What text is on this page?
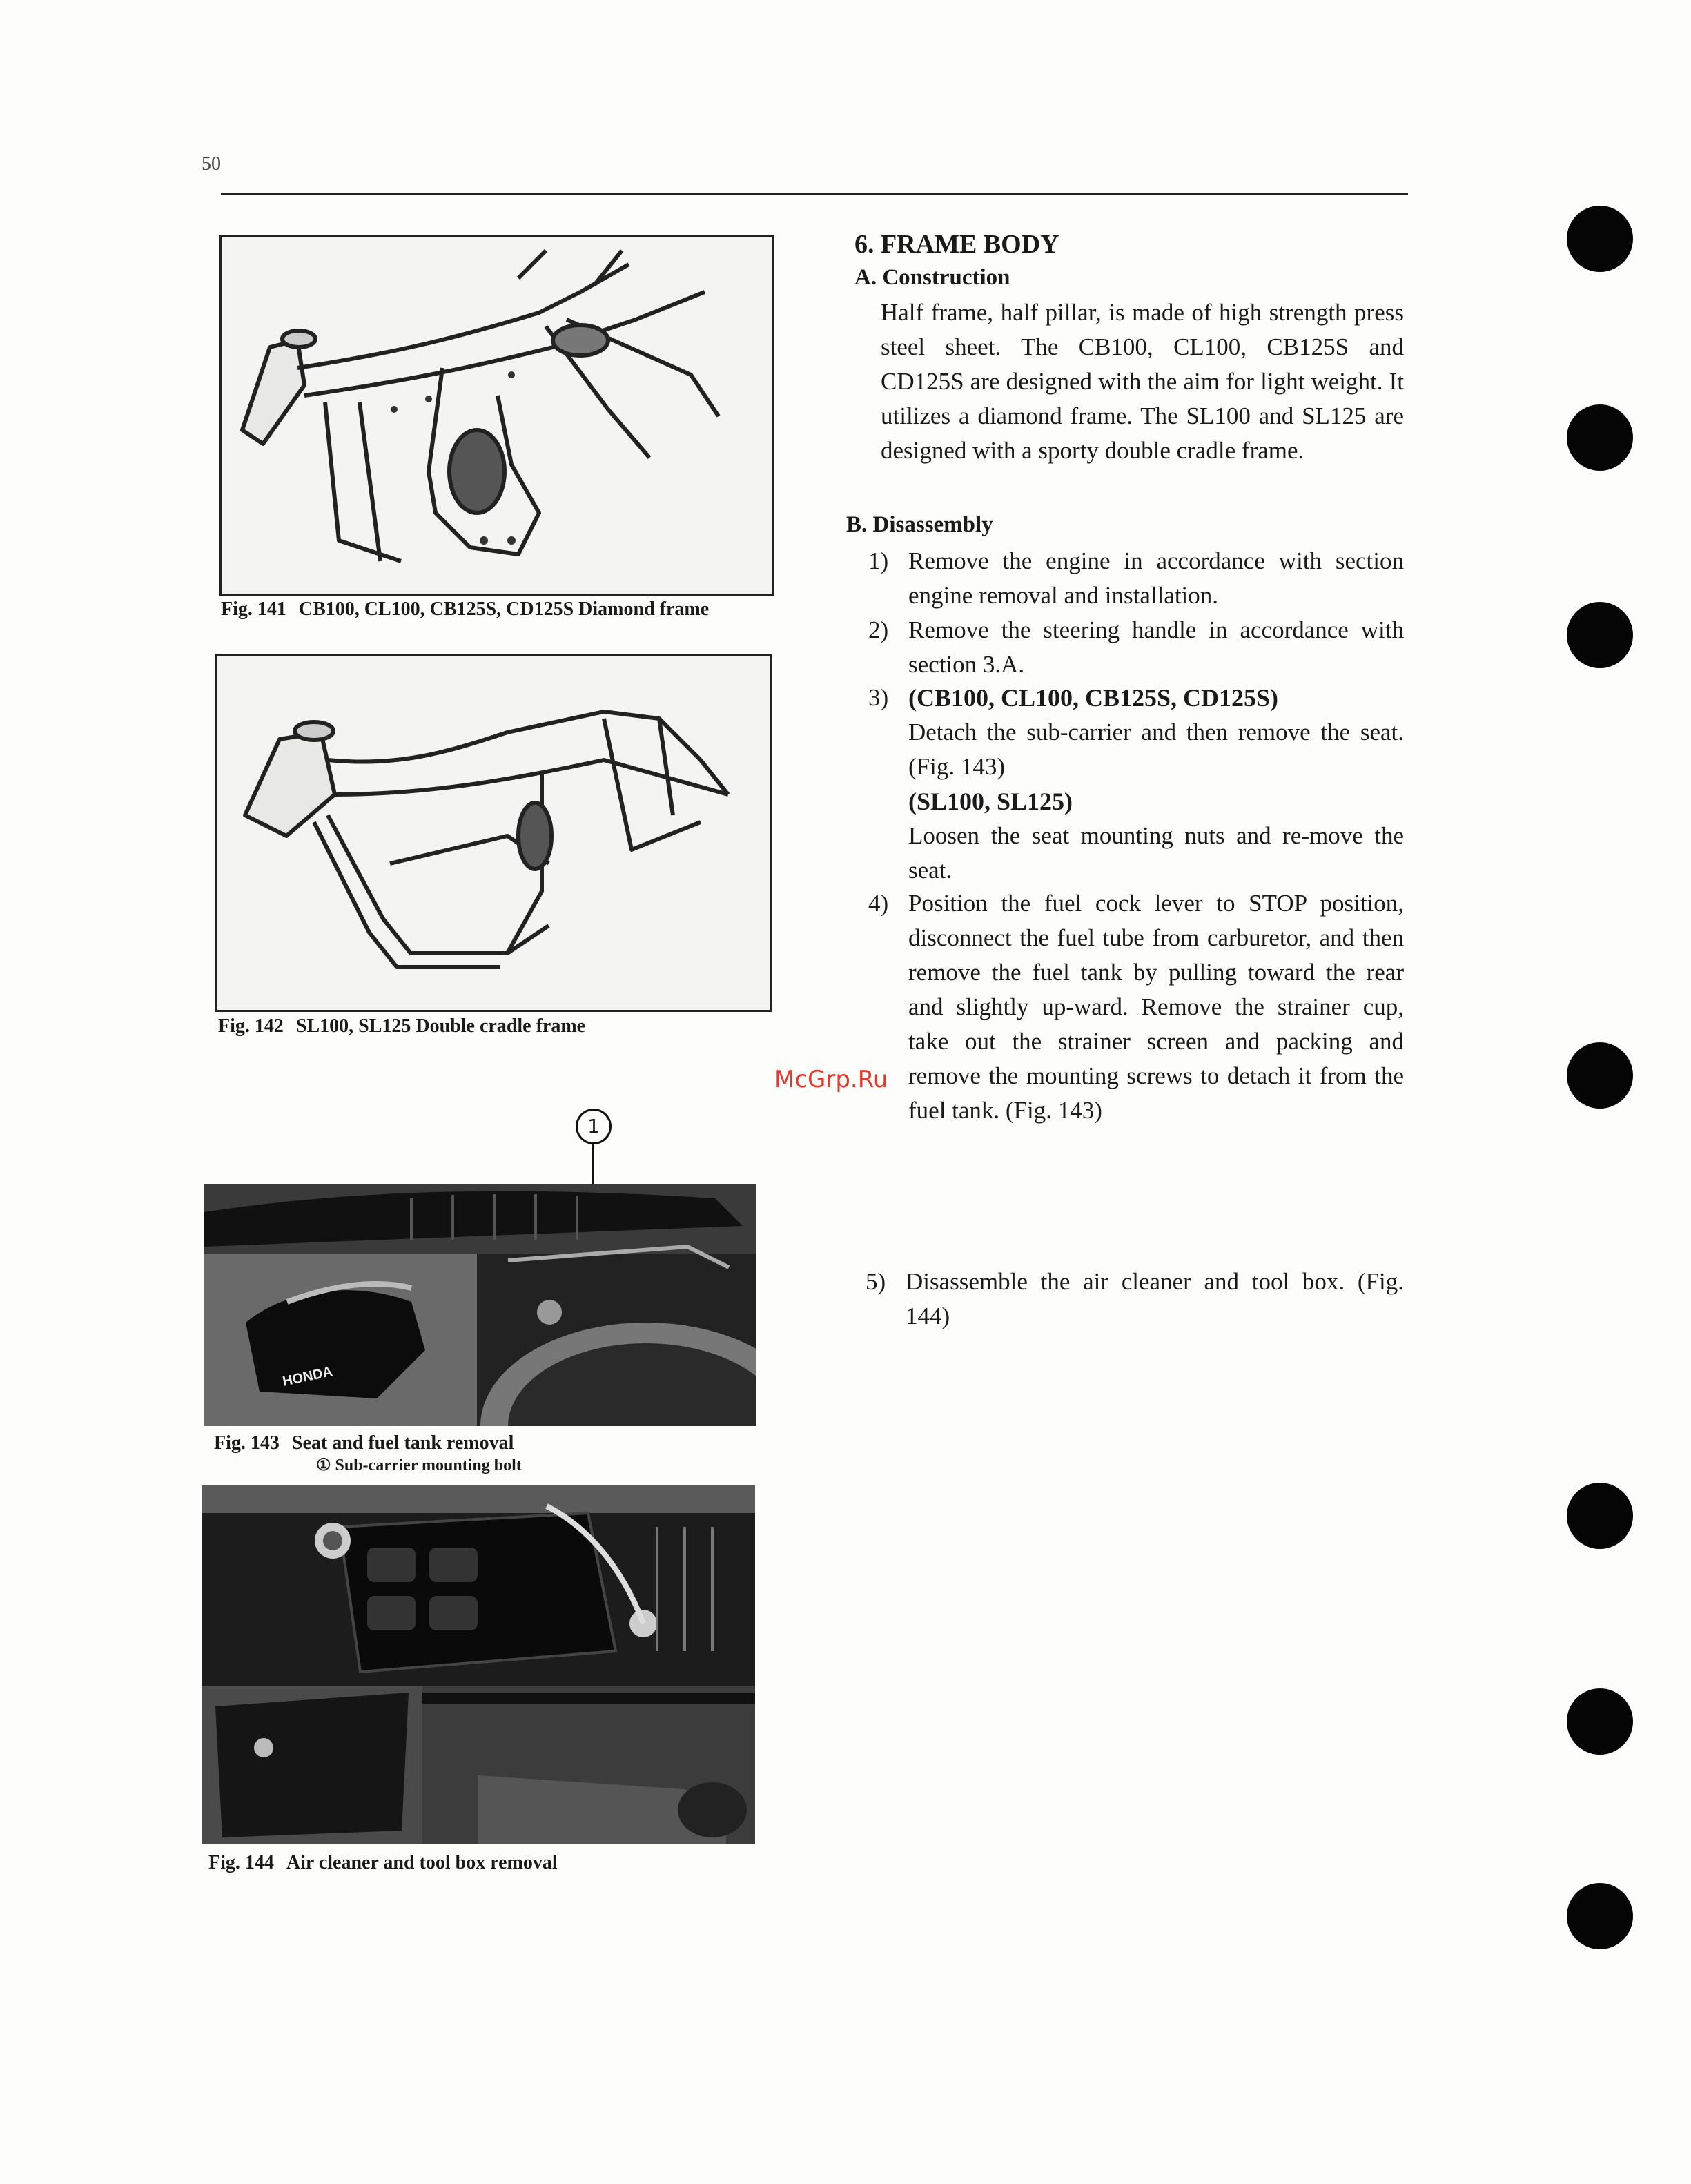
50
Fig. 141 CB100, CL100, CB125S, CD125S Diamond frame
Fig. 142 SL100, SL125 Double cradle frame
1
HONDA
Fig. 143 Seat and fuel tank removal
① Sub-carrier mounting bolt
Fig. 144 Air cleaner and tool box removal
6. FRAME BODY
A. Construction
Half frame, half pillar, is made of high strength press steel sheet. The CB100, CL100, CB125S and CD125S are designed with the aim for light weight. It utilizes a diamond frame. The SL100 and SL125 are designed with a sporty double cradle frame.
B. Disassembly
1) Remove the engine in accordance with section engine removal and installation.
2) Remove the steering handle in accordance with section 3.A.
3) (CB100, CL100, CB125S, CD125S)
Detach the sub-carrier and then remove the seat. (Fig. 143)
(SL100, SL125)
Loosen the seat mounting nuts and re-move the seat.
4) Position the fuel cock lever to STOP position, disconnect the fuel tube from carburetor, and then remove the fuel tank by pulling toward the rear and slightly up-ward. Remove the strainer cup, take out the strainer screen and packing and remove the mounting screws to detach it from the fuel tank. (Fig. 143)
5) Disassemble the air cleaner and tool box. (Fig. 144)
McGrp.Ru
